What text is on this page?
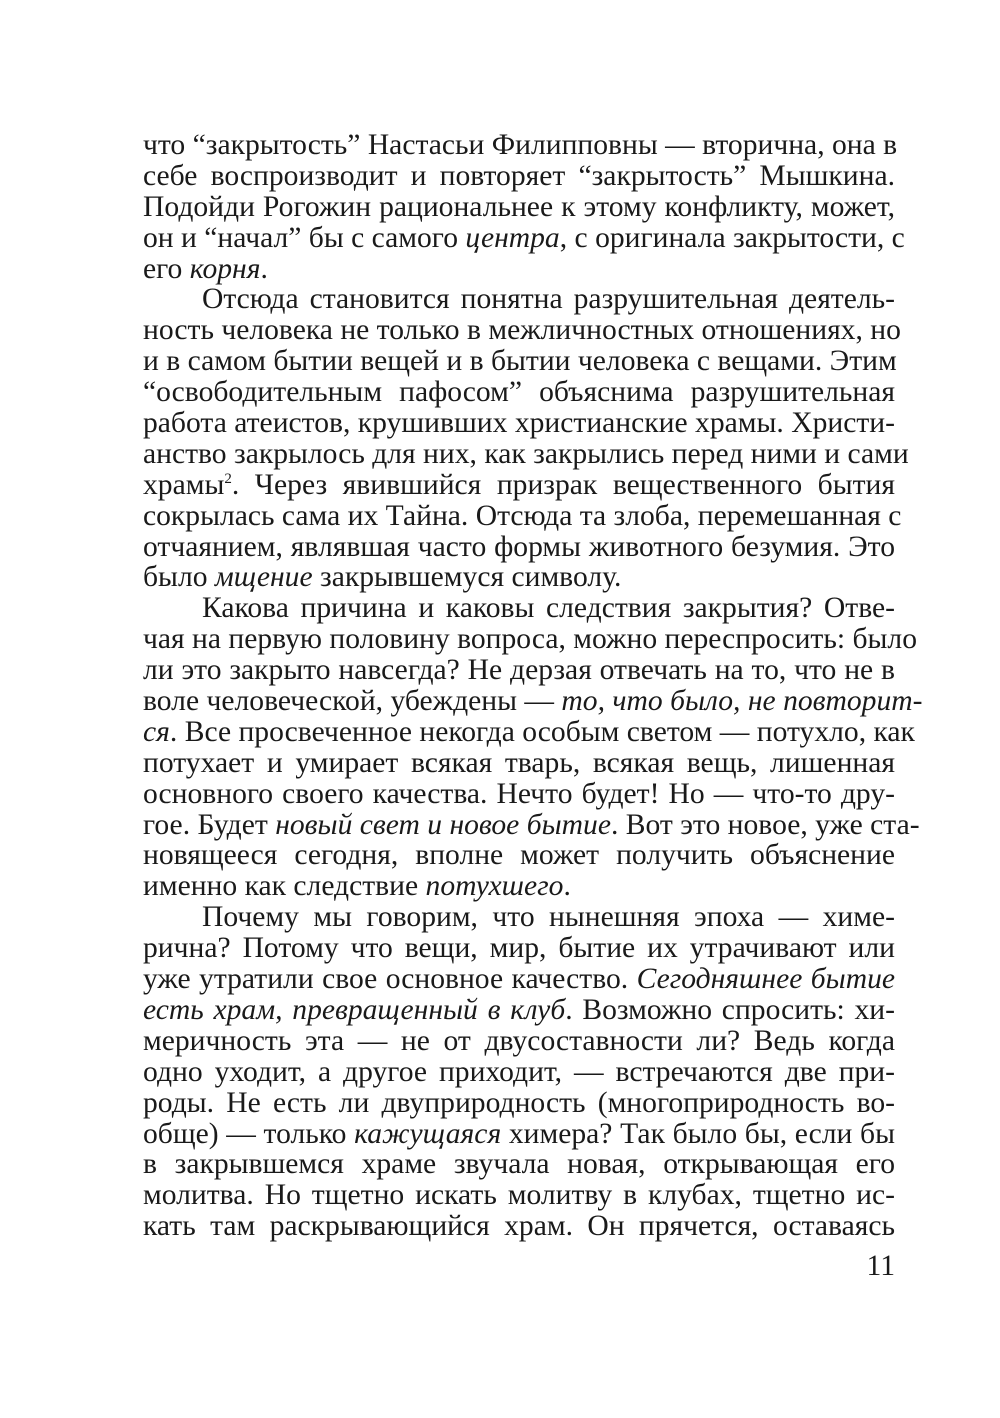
что “закрытость” Настасьи Филипповны — вторична, она в
себе воспроизводит и повторяет “закрытость” Мышкина.
Подойди Рогожин рациональнее к этому конфликту, может,
он и “начал” бы с самого центра, с оригинала закрытости, с
его корня.
Отсюда становится понятна разрушительная деятель-
ность человека не только в межличностных отношениях, но
и в самом бытии вещей и в бытии человека с вещами. Этим
“освободительным пафосом” объяснима разрушительная
работа атеистов, крушивших христианские храмы. Христи-
анство закрылось для них, как закрылись перед ними и сами
храмы$^2$. Через явившийся призрак вещественного бытия
сокрылась сама их Тайна. Отсюда та злоба, перемешанная с
отчаянием, являвшая часто формы животного безумия. Это
было мщение закрывшемуся символу.
Какова причина и каковы следствия закрытия? Отве-
чая на первую половину вопроса, можно переспросить: было
ли это закрыто навсегда? Не дерзая отвечать на то, что не в
воле человеческой, убеждены — то, что было, не повторит-
ся. Все просвеченное некогда особым светом — потухло, как
потухает и умирает всякая тварь, всякая вещь, лишенная
основного своего качества. Нечто будет! Но — что-то дру-
гое. Будет новый свет и новое бытие. Вот это новое, уже ста-
новящееся сегодня, вполне может получить объяснение
именно как следствие потухшего.
Почему мы говорим, что нынешняя эпоха — химе-
рична? Потому что вещи, мир, бытие их утрачивают или
уже утратили свое основное качество. Сегодняшнее бытие
есть храм, превращенный в клуб. Возможно спросить: хи-
меричность эта — не от двусоставности ли? Ведь когда
одно уходит, а другое приходит, — встречаются две при-
роды. Не есть ли двуприродность (многоприродность во-
обще) — только кажущаяся химера? Так было бы, если бы
в закрывшемся храме звучала новая, открывающая его
молитва. Но тщетно искать молитву в клубах, тщетно ис-
кать там раскрывающийся храм. Он прячется, оставаясь
11
